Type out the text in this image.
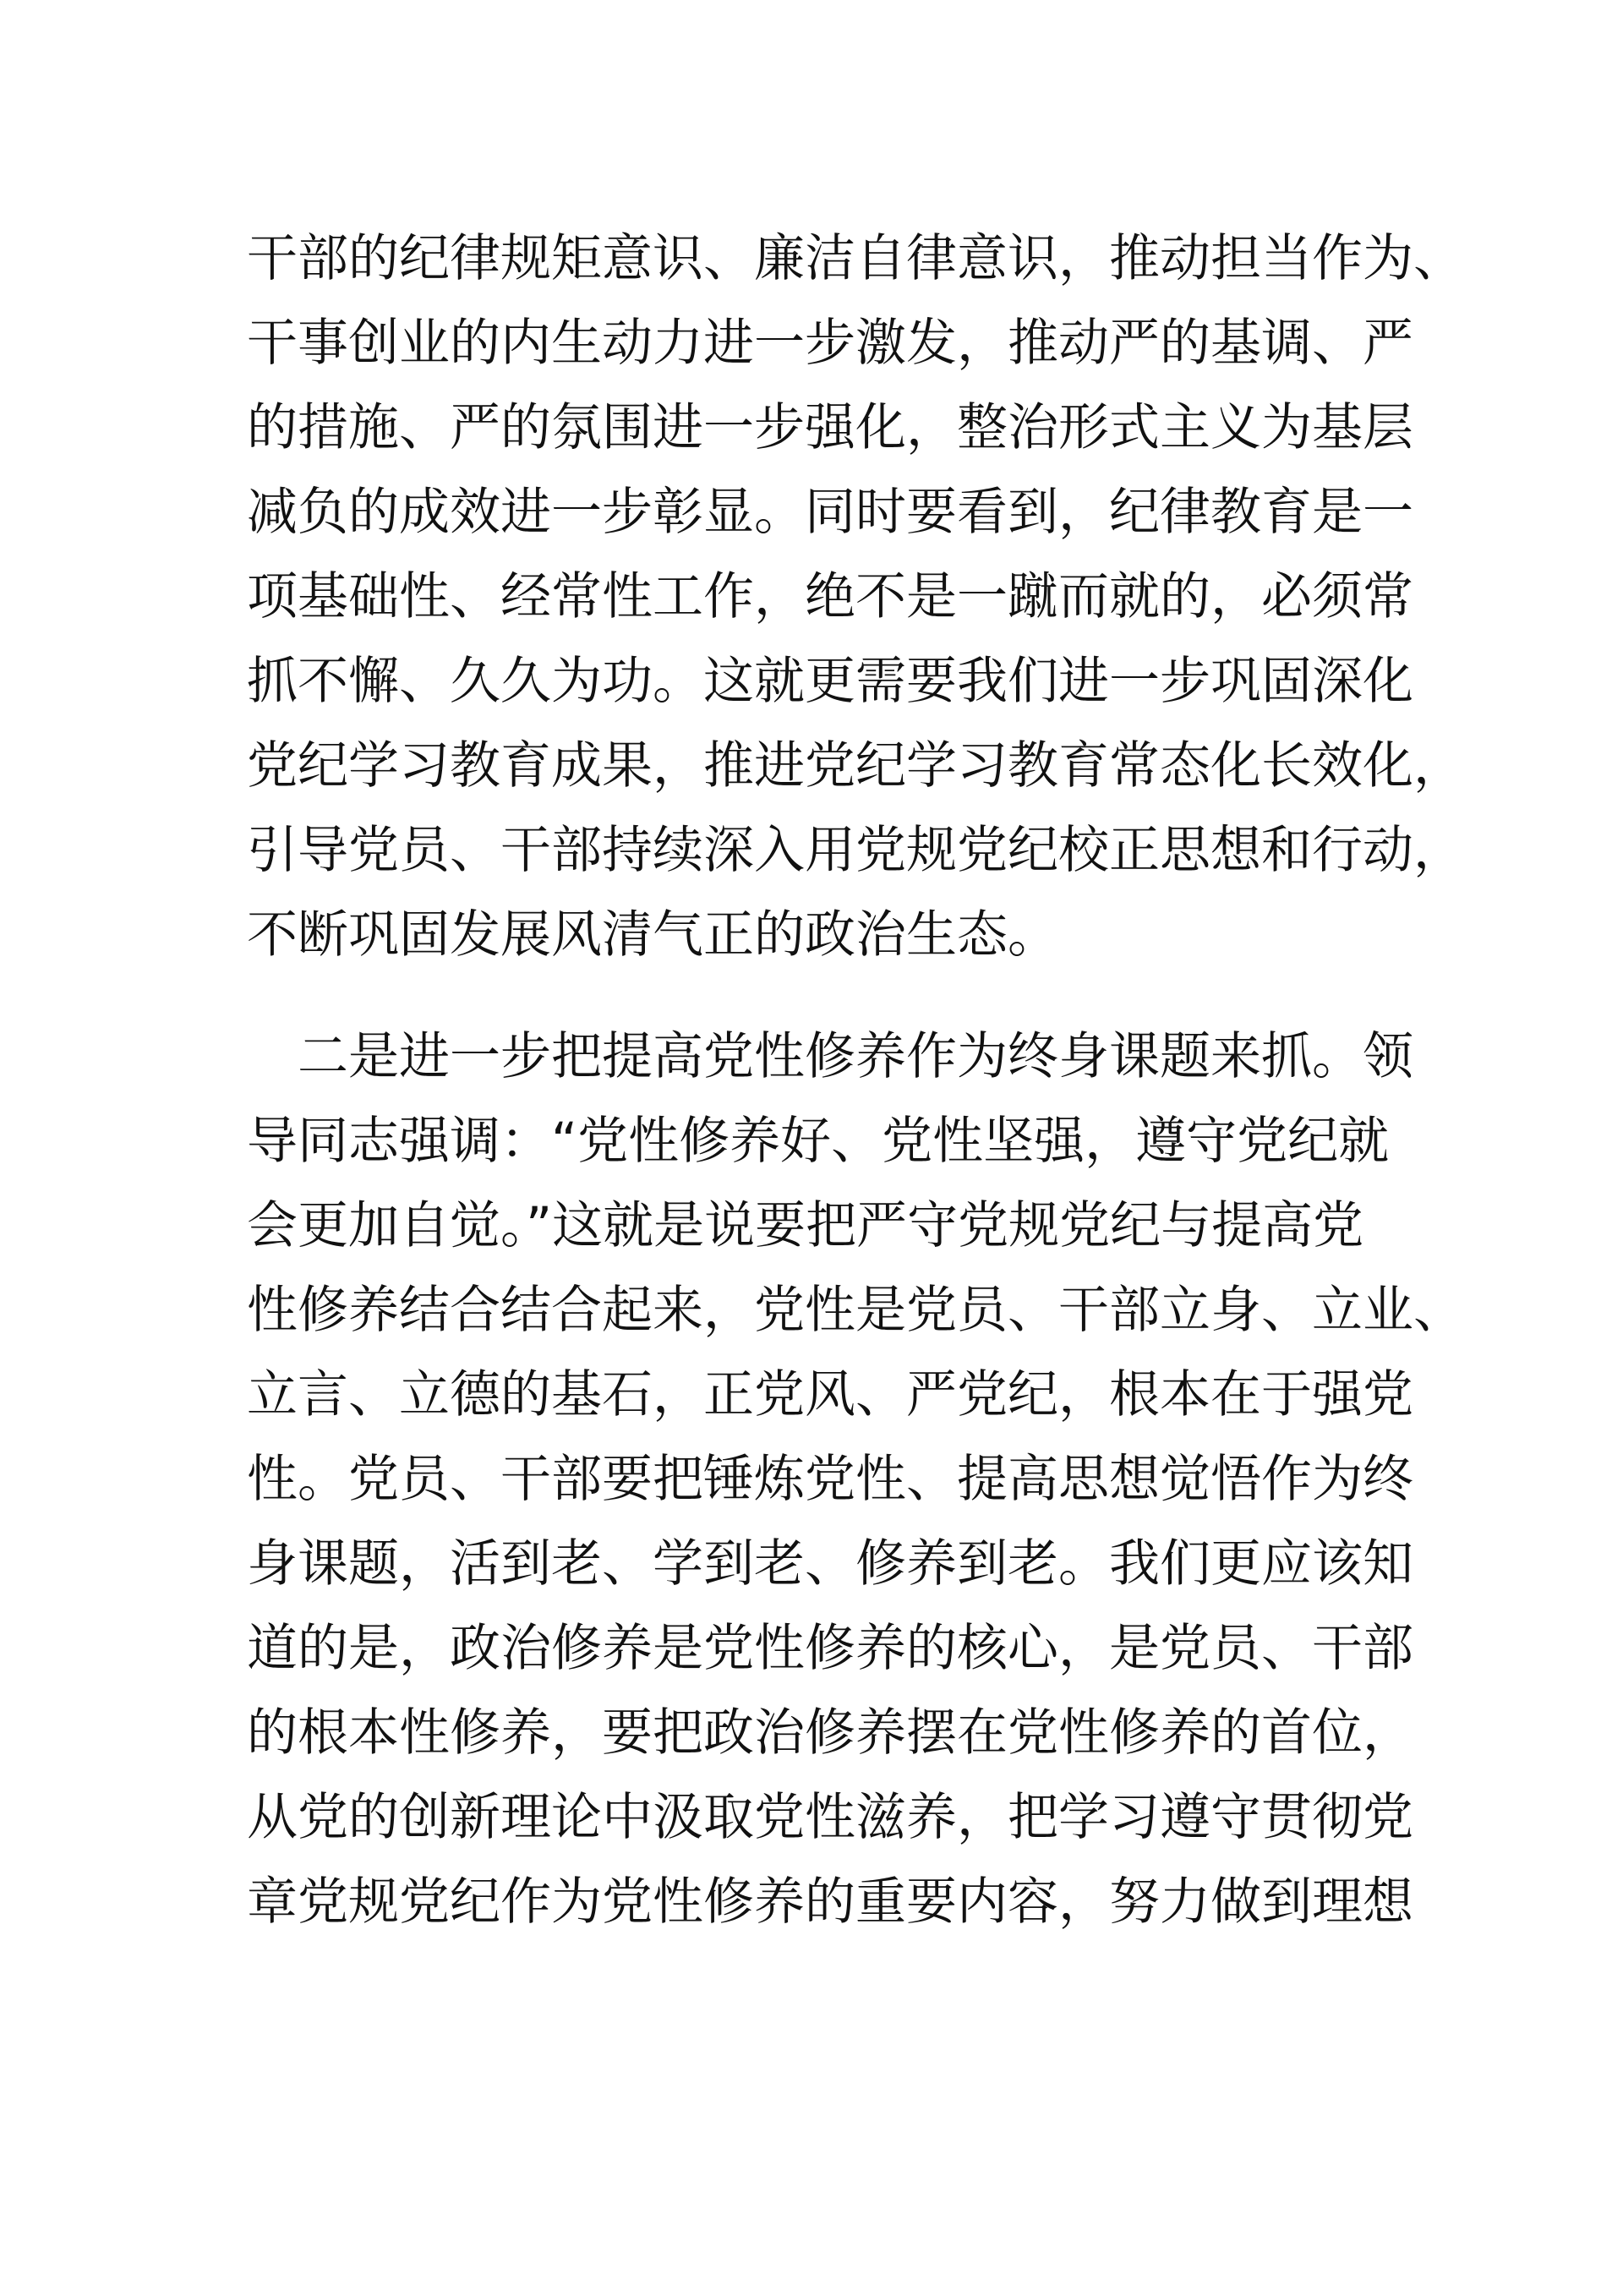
干部的纪律规矩意识、廉洁自律意识，推动担当作为、
干事创业的内生动力进一步激发，推动严的基调、严
的措施、严的氛围进一步强化，整治形式主义为基层
减负的成效进一步彰显。同时要看到，纪律教育是一
项基础性、经常性工作，绝不是一蹴而就的，必须常
抓不懈、久久为功。这就更需要我们进一步巩固深化
党纪学习教育成果，推进党纪学习教育常态化长效化，
引导党员、干部持续深入用党规党纪校正思想和行动，
不断巩固发展风清气正的政治生态。
二是进一步把提高党性修养作为终身课题来抓。领
导同志强调：“党性修养好、党性坚强，遵守党纪就
会更加自觉。”这就是说要把严守党规党纪与提高党
性修养结合结合起来，党性是党员、干部立身、立业、
立言、立德的基石，正党风、严党纪，根本在于强党
性。党员、干部要把锤炼党性、提高思想觉悟作为终
身课题，活到老、学到老、修养到老。我们更应该知
道的是，政治修养是党性修养的核心，是党员、干部
的根本性修养，要把政治修养摆在党性修养的首位，
从党的创新理论中汲取党性滋养，把学习遵守贯彻党
章党规党纪作为党性修养的重要内容，努力做到理想
